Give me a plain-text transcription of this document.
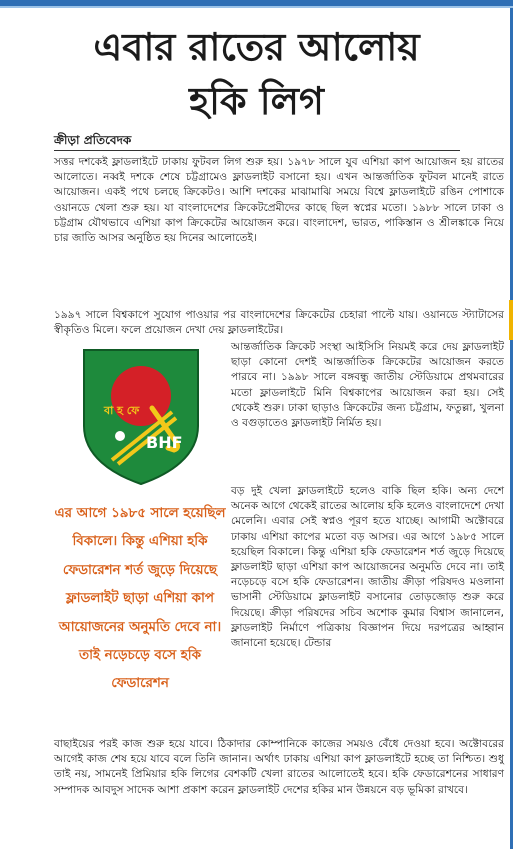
এবার রাতের আলোয়
হকি লিগ
ক্রীড়া প্রতিবেদক
সত্তর দশকেই ফ্লাডলাইটে ঢাকায় ফুটবল লিগ শুরু হয়। ১৯৭৮ সালে যুব এশিয়া কাপ আয়োজন হয় রাতের আলোতে। নব্বই দশকে শেষে চট্টগ্রামেও ফ্লাডলাইট বসানো হয়। এখন আন্তর্জাতিক ফুটবল মানেই রাতে আয়োজন। একই পথে চলছে ক্রিকেটও। আশি দশকের মাঝামাঝি সময়ে বিশ্বে ফ্লাডলাইটে রঙিন পোশাকে ওয়ানডে খেলা শুরু হয়। যা বাংলাদেশের ক্রিকেটপ্রেমীদের কাছে ছিল স্বপ্নের মতো। ১৯৮৮ সালে ঢাকা ও চট্টগ্রাম যৌথভাবে এশিয়া কাপ ক্রিকেটের আয়োজন করে। বাংলাদেশ, ভারত, পাকিস্তান ও শ্রীলঙ্কাকে নিয়ে চার জাতি আসর অনুষ্ঠিত হয় দিনের আলোতেই।
১৯৯৭ সালে বিশ্বকাপে সুযোগ পাওয়ার পর বাংলাদেশের ক্রিকেটের চেহারা পাল্টে যায়। ওয়ানডে স্ট্যাটাসের স্বীকৃতিও মিলে। ফলে প্রয়োজন দেখা দেয় ফ্লাডলাইটের।
বা হ ফে
BHF
এর আগে ১৯৮৫ সালে হয়েছিল বিকালে। কিন্তু এশিয়া হকি ফেডারেশন শর্ত জুড়ে দিয়েছে ফ্লাডলাইট ছাড়া এশিয়া কাপ আয়োজনের অনুমতি দেবে না। তাই নড়েচড়ে বসে হকি ফেডারেশন
আন্তর্জাতিক ক্রিকেট সংস্থা আইসিসি নিয়মই করে দেয় ফ্লাডলাইট ছাড়া কোনো দেশই আন্তর্জাতিক ক্রিকেটের আয়োজন করতে পারবে না। ১৯৯৮ সালে বঙ্গবন্ধু জাতীয় স্টেডিয়ামে প্রথমবারের মতো ফ্লাডলাইটে মিনি বিশ্বকাপের আয়োজন করা হয়। সেই থেকেই শুরু। ঢাকা ছাড়াও ক্রিকেটের জন্য চট্টগ্রাম, ফতুল্লা, খুলনা ও বগুড়াতেও ফ্লাডলাইট নির্মিত হয়।
বড় দুই খেলা ফ্লাডলাইটে হলেও বাকি ছিল হকি। অন্য দেশে অনেক আগে থেকেই রাতের আলোয় হকি হলেও বাংলাদেশে দেখা মেলেনি। এবার সেই স্বপ্নও পূরণ হতে যাচ্ছে। আগামী অক্টোবরে ঢাকায় এশিয়া কাপের মতো বড় আসর। এর আগে ১৯৮৫ সালে হয়েছিল বিকালে। কিন্তু এশিয়া হকি ফেডারেশন শর্ত জুড়ে দিয়েছে ফ্লাডলাইট ছাড়া এশিয়া কাপ আয়োজনের অনুমতি দেবে না। তাই নড়েচড়ে বসে হকি ফেডারেশন। জাতীয় ক্রীড়া পরিষদও মওলানা ভাসানী স্টেডিয়ামে ফ্লাডলাইট বসানোর তোড়জোড় শুরু করে দিয়েছে। ক্রীড়া পরিষদের সচিব অশোক কুমার বিশ্বাস জানালেন, ফ্লাডলাইট নির্মাণে পত্রিকায় বিজ্ঞাপন দিয়ে দরপত্রের আহ্বান জানানো হয়েছে। টেন্ডার
বাছাইয়ের পরই কাজ শুরু হয়ে যাবে। ঠিকাদার কোম্পানিকে কাজের সময়ও বেঁধে দেওয়া হবে। অক্টোবরের আগেই কাজ শেষ হয়ে যাবে বলে তিনি জানান। অর্থাৎ ঢাকায় এশিয়া কাপ ফ্লাডলাইটে হচ্ছে তা নিশ্চিত। শুধু তাই নয়, সামনেই প্রিমিয়ার হকি লিগের বেশকটি খেলা রাতের আলোতেই হবে। হকি ফেডারেশনের সাধারণ সম্পাদক আবদুস সাদেক আশা প্রকাশ করেন ফ্লাডলাইট দেশের হকির মান উন্নয়নে বড় ভূমিকা রাখবে।
